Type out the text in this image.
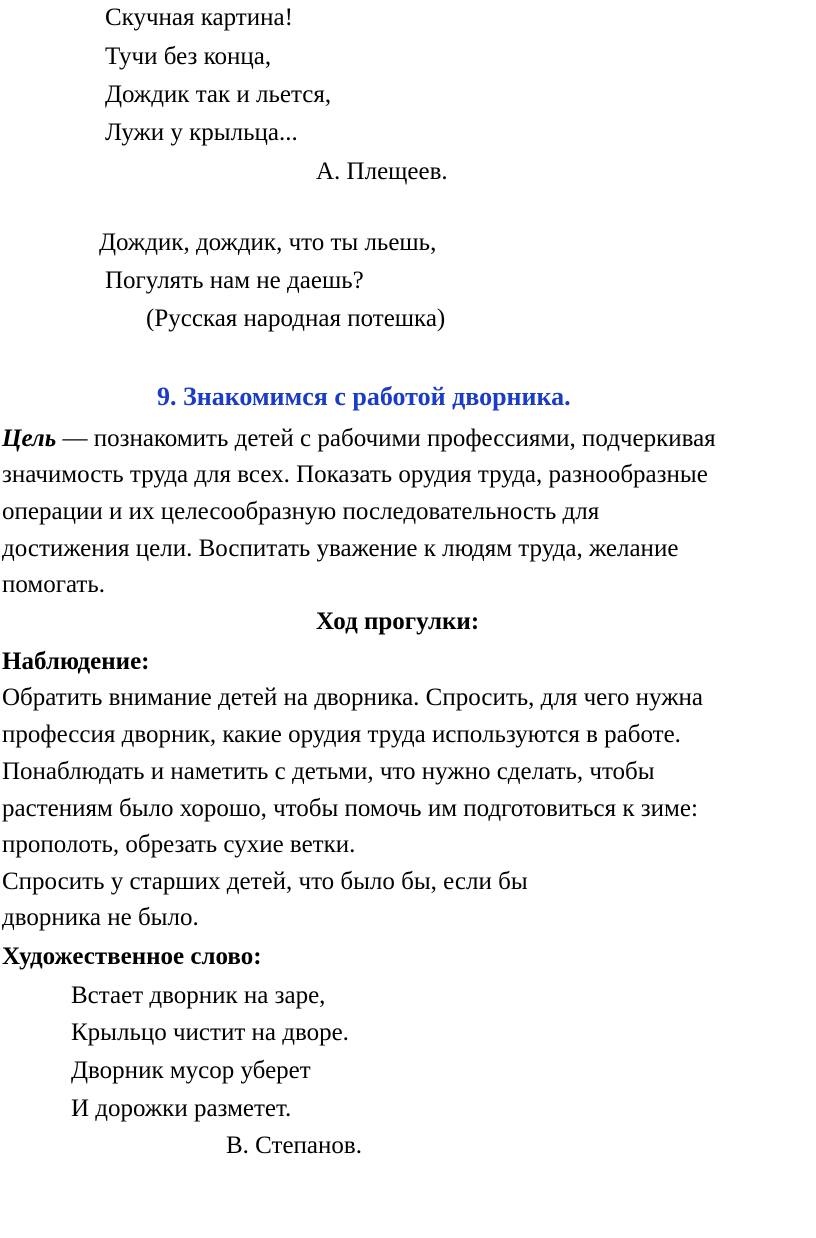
Скучная картина!
Тучи без конца,
Дождик так и льется,
Лужи у крыльца...
А. Плещеев.
Дождик, дождик, что ты льешь,
Погулять нам не даешь?
(Русская народная потешка)
9. Знакомимся с работой дворника.
Цель — познакомить детей с рабочими профессиями, подчеркивая
значимость труда для всех. Показать орудия труда, разнообразные
операции и их целесообразную последовательность для
достижения цели. Воспитать уважение к людям труда, желание
помогать.
Ход прогулки:
Наблюдение:
Обратить внимание детей на дворника. Спросить, для чего нужна
профессия дворник, какие орудия труда используются в работе.
Понаблюдать и наметить с детьми, что нужно сделать, чтобы
растениям было хорошо, чтобы помочь им подготовиться к зиме:
прополоть, обрезать сухие ветки.
Спросить у старших детей, что было бы, если бы
дворника не было.
Художественное слово:
Встает дворник на заре,
Крыльцо чистит на дворе.
Дворник мусор уберет
И дорожки разметет.
В. Степанов.
